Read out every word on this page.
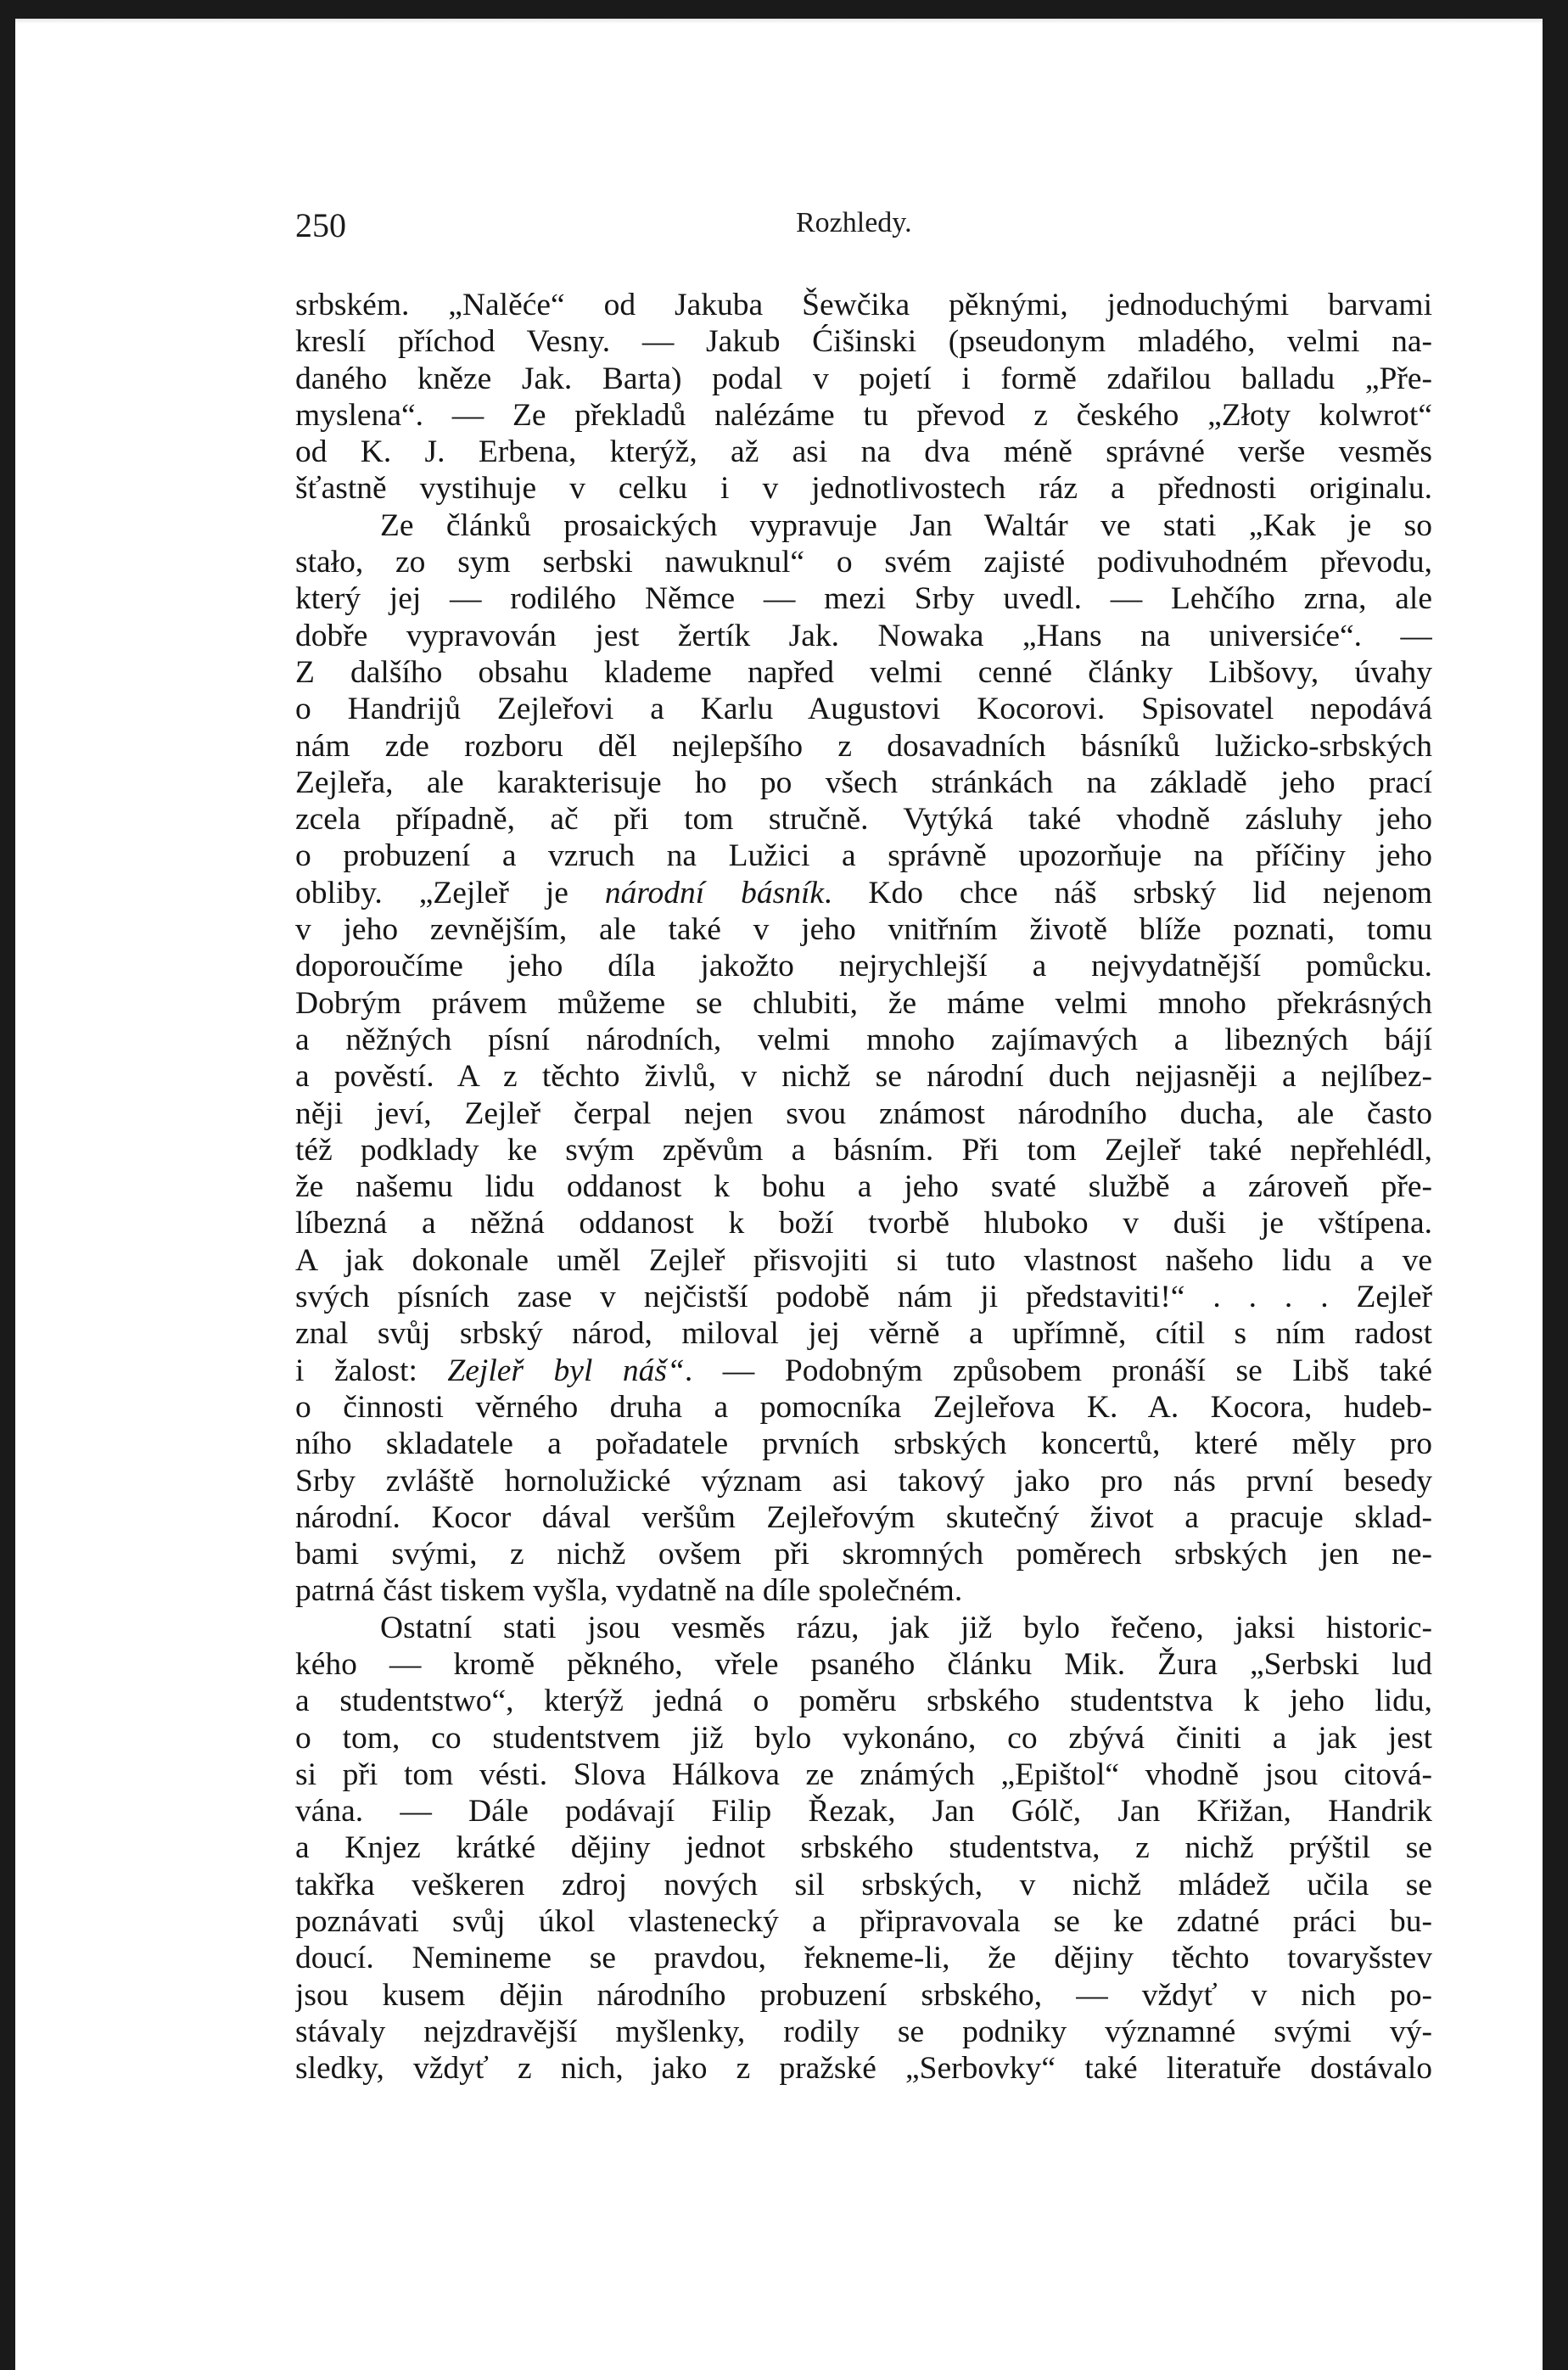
250	Rozhledy.
srbském. „Nalěće“ od Jakuba Šewčika pěknými, jednoduchými barvami
kreslí příchod Vesny. — Jakub Ćišinski (pseudonym mladého, velmi na-
daného kněze Jak. Barta) podal v pojetí i formě zdařilou balladu „Pře-
myslena“. — Ze překladů nalézáme tu převod z českého „Złoty kolwrot“
od K. J. Erbena, kterýž, až asi na dva méně správné verše vesměs
šťastně vystihuje v celku i v jednotlivostech ráz a přednosti originalu.
Ze článků prosaických vypravuje Jan Waltár ve stati „Kak je so
stało, zo sym serbski nawuknul“ o svém zajisté podivuhodném převodu,
který jej — rodilého Němce — mezi Srby uvedl. — Lehčího zrna, ale
dobře vypravován jest žertík Jak. Nowaka „Hans na universiće“. —
Z dalšího obsahu klademe napřed velmi cenné články Libšovy, úvahy
o Handrijů Zejleřovi a Karlu Augustovi Kocorovi. Spisovatel nepodává
nám zde rozboru děl nejlepšího z dosavadních básníků lužicko-srbských
Zejleřa, ale karakterisuje ho po všech stránkách na základě jeho prací
zcela případně, ač při tom stručně. Vytýká také vhodně zásluhy jeho
o probuzení a vzruch na Lužici a správně upozorňuje na příčiny jeho
obliby. „Zejleř je národní básník. Kdo chce náš srbský lid nejenom
v jeho zevnějším, ale také v jeho vnitřním životě blíže poznati, tomu
doporoučíme jeho díla jakožto nejrychlejší a nejvydatnější pomůcku.
Dobrým právem můžeme se chlubiti, že máme velmi mnoho překrásných
a něžných písní národních, velmi mnoho zajímavých a libezných bájí
a pověstí. A z těchto živlů, v nichž se národní duch nejjasněji a nejlíbez-
něji jeví, Zejleř čerpal nejen svou známost národního ducha, ale často
též podklady ke svým zpěvům a básním. Při tom Zejleř také nepřehlédl,
že našemu lidu oddanost k bohu a jeho svaté službě a zároveň pře-
líbezná a něžná oddanost k boží tvorbě hluboko v duši je vštípena.
A jak dokonale uměl Zejleř přisvojiti si tuto vlastnost našeho lidu a ve
svých písních zase v nejčistší podobě nám ji představiti!“ . . . . Zejleř
znal svůj srbský národ, miloval jej věrně a upřímně, cítil s ním radost
i žalost: Zejleř byl náš“. — Podobným způsobem pronáší se Libš také
o činnosti věrného druha a pomocníka Zejleřova K. A. Kocora, hudeb-
ního skladatele a pořadatele prvních srbských koncertů, které měly pro
Srby zvláště hornolužické význam asi takový jako pro nás první besedy
národní. Kocor dával veršům Zejleřovým skutečný život a pracuje sklad-
bami svými, z nichž ovšem při skromných poměrech srbských jen ne-
patrná část tiskem vyšla, vydatně na díle společném.
Ostatní stati jsou vesměs rázu, jak již bylo řečeno, jaksi historic-
kého — kromě pěkného, vřele psaného článku Mik. Žura „Serbski lud
a studentstwo“, kterýž jedná o poměru srbského studentstva k jeho lidu,
o tom, co studentstvem již bylo vykonáno, co zbývá činiti a jak jest
si při tom vésti. Slova Hálkova ze známých „Epištol“ vhodně jsou citová-
vána. — Dále podávají Filip Řezak, Jan Gólč, Jan Křižan, Handrik
a Knjez krátké dějiny jednot srbského studentstva, z nichž prýštil se
takřka veškeren zdroj nových sil srbských, v nichž mládež učila se
poznávati svůj úkol vlastenecký a připravovala se ke zdatné práci bu-
doucí. Nemineme se pravdou, řekneme-li, že dějiny těchto tovaryšstev
jsou kusem dějin národního probuzení srbského, — vždyť v nich po-
stávaly nejzdravější myšlenky, rodily se podniky významné svými vý-
sledky, vždyť z nich, jako z pražské „Serbovky“ také literatuře dostávalo
